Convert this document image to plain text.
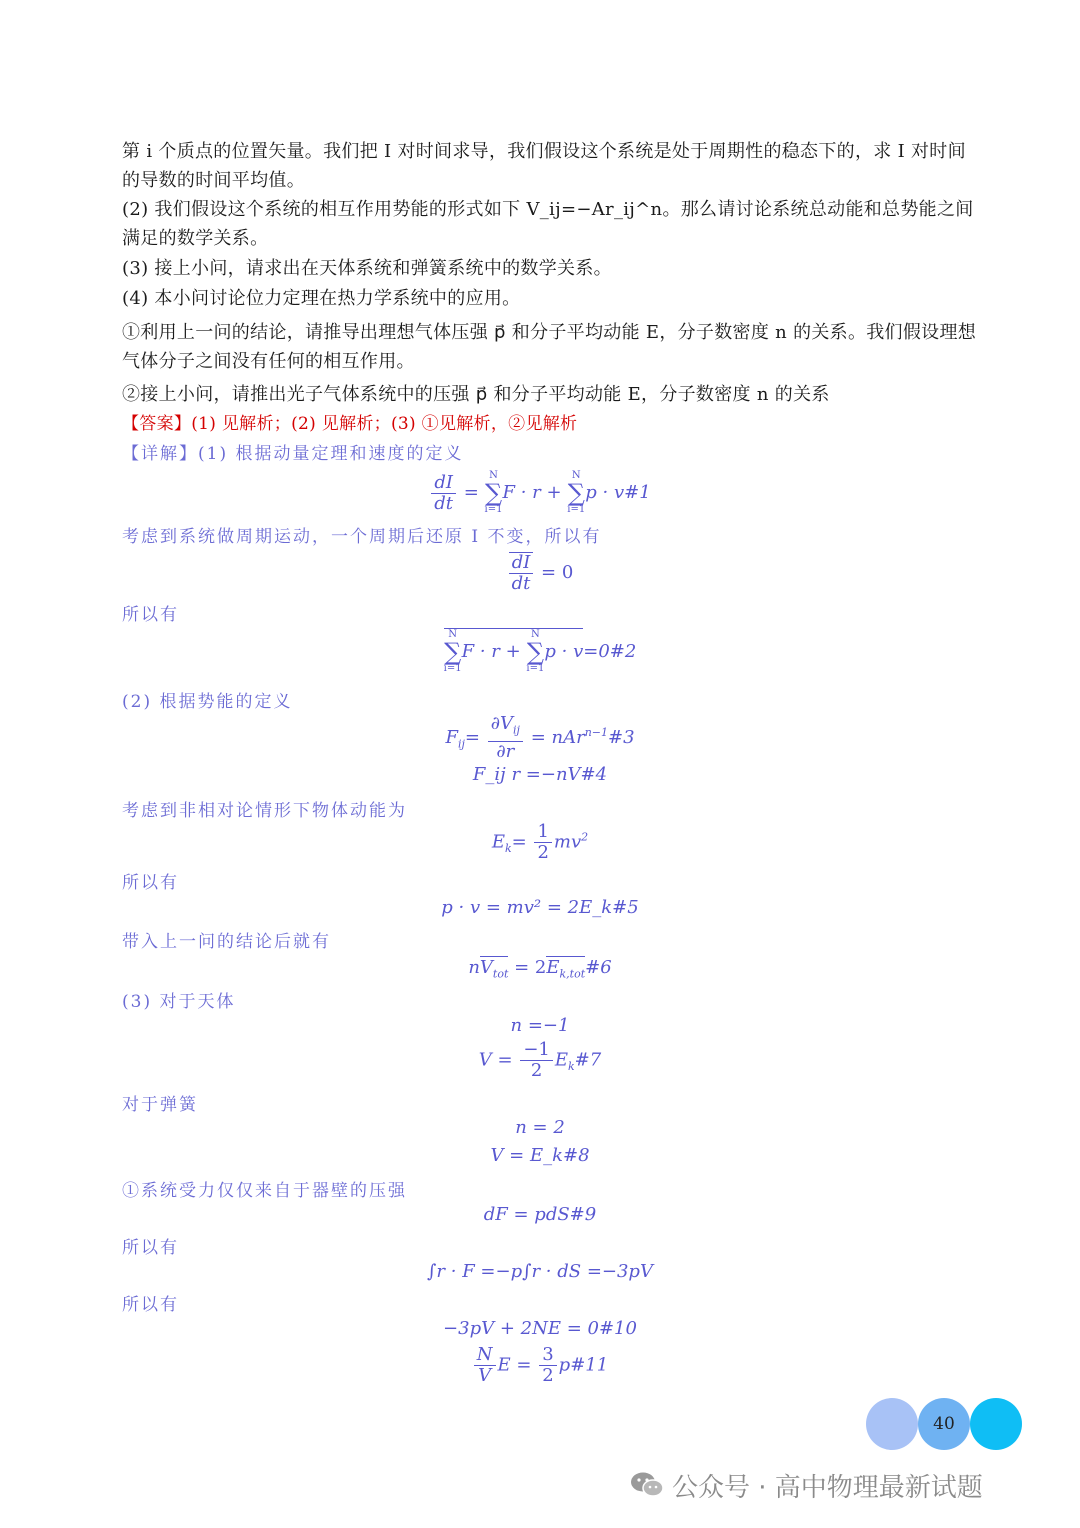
第 i 个质点的位置矢量。我们把 I 对时间求导，我们假设这个系统是处于周期性的稳态下的，求 I 对时间的导数的时间平均值。
(2) 我们假设这个系统的相互作用势能的形式如下 V_ij=−Ar_ij^n。那么请讨论系统总动能和总势能之间满足的数学关系。
(3) 接上小问，请求出在天体系统和弹簧系统中的数学关系。
(4) 本小问讨论位力定理在热力学系统中的应用。
①利用上一问的结论，请推导出理想气体压强 p⃗ 和分子平均动能 E，分子数密度 n 的关系。我们假设理想气体分子之间没有任何的相互作用。
②接上小问，请推出光子气体系统中的压强 p⃗ 和分子平均动能 E，分子数密度 n 的关系
【答案】(1) 见解析；(2) 见解析；(3) ①见解析，②见解析
【详解】(1) 根据动量定理和速度的定义
$\frac{dI}{dt}$ =
N
∑
i=1
F · r +
N
∑
i=1
p · v#1
考虑到系统做周期运动，一个周期后还原 I 不变，所以有
$\frac{dI}{dt} = 0$
所以有
N
∑
i=1
F · r +
N
∑
i=1
p · v=0#2
(2) 根据势能的定义
$F_{ij}= \frac{\partial V_{ij}}{\partial r}$ = nAr$^{n-1}$#3
F_ij r =−nV#4
考虑到非相对论情形下物体动能为
$E_k= \frac{1}{2} mv^2$
所以有
p · v = mv² = 2E_k#5
带入上一问的结论后就有
$nV_{tot}$ = $2E_{k,tot}\#6$
(3) 对于天体
n =−1
$V = \frac{-1}{2}$ $E_k\#7$
对于弹簧
n = 2
V = E_k#8
①系统受力仅仅来自于器壁的压强
dF = pdS#9
所以有
∫r · F =−p∫r · dS =−3pV
所以有
−3pV + 2NE = 0#10
$\frac{N}{V}$ $E = \frac{3}{2}$ p#11
40
公众号 · 高中物理最新试题
